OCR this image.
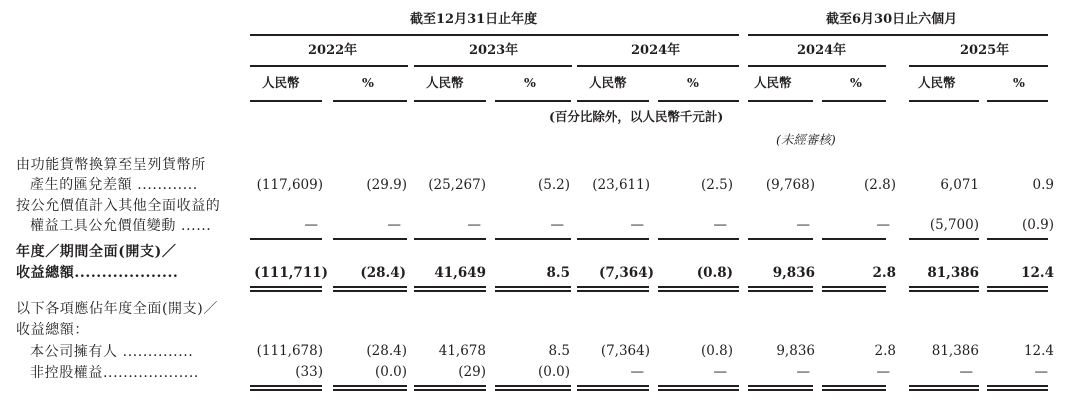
截至12月31日止年度	截至6月30日止六個月
2022年	2023年	2024年	2024年	2025年
人民幣	%	人民幣	%	人民幣	%	人民幣	%	人民幣	%
(百分比除外，以人民幣千元計)
(未經審核)
由功能貨幣換算至呈列貨幣所
產生的匯兌差額 ............	(117,609)	(29.9)	(25,267)	(5.2)	(23,611)	(2.5)	(9,768)	(2.8)	6,071	0.9
按公允價值計入其他全面收益的
權益工具公允價值變動 ......	—	—	—	—	—	—	—	—	(5,700)	(0.9)
年度／期間全面(開支)／
收益總額...................	(111,711)	(28.4)	41,649	8.5	(7,364)	(0.8)	9,836	2.8	81,386	12.4
以下各項應佔年度全面(開支)／
收益總額：
本公司擁有人 ..............	(111,678)	(28.4)	41,678	8.5	(7,364)	(0.8)	9,836	2.8	81,386	12.4
非控股權益...................	(33)	(0.0)	(29)	(0.0)	—	—	—	—	—	—
